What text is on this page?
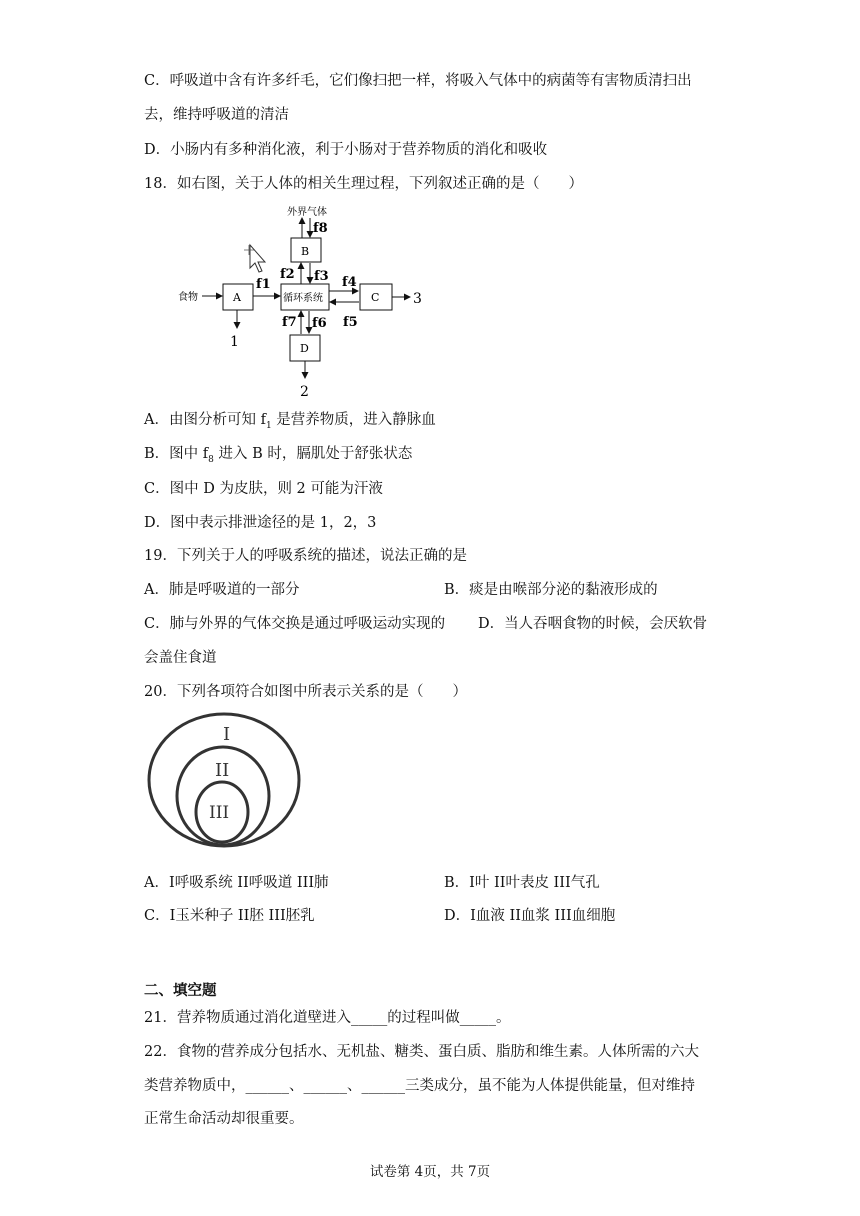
C．呼吸道中含有许多纤毛，它们像扫把一样，将吸入气体中的病菌等有害物质清扫出
去，维持呼吸道的清洁
D．小肠内有多种消化液，利于小肠对于营养物质的消化和吸收
18．如右图，关于人体的相关生理过程，下列叙述正确的是（　　）
外界气体
B
f8
循环系统
f2 f3
食物	A
f1
1
f4
f5
C 3
f7 f6
D
2
A．由图分析可知 $f_1$ 是营养物质，进入静脉血
B．图中 $f_8$ 进入 B 时，膈肌处于舒张状态
C．图中 D 为皮肤，则 2 可能为汗液
D．图中表示排泄途径的是 1，2，3
19．下列关于人的呼吸系统的描述，说法正确的是
A．肺是呼吸道的一部分	B．痰是由喉部分泌的黏液形成的
C．肺与外界的气体交换是通过呼吸运动实现的 D．当人吞咽食物的时候，会厌软骨
会盖住食道
20．下列各项符合如图中所表示关系的是（　　）
I
II
III
A．I呼吸系统 II呼吸道 III肺	B．I叶 II叶表皮 III气孔
C．I玉米种子 II胚 III胚乳	D．I血液 II血浆 III血细胞
二、填空题
21．营养物质通过消化道壁进入_____的过程叫做_____。
22．食物的营养成分包括水、无机盐、糖类、蛋白质、脂肪和维生素。人体所需的六大
类营养物质中，______、______、______三类成分，虽不能为人体提供能量，但对维持
正常生命活动却很重要。
试卷第 4页，共 7页
